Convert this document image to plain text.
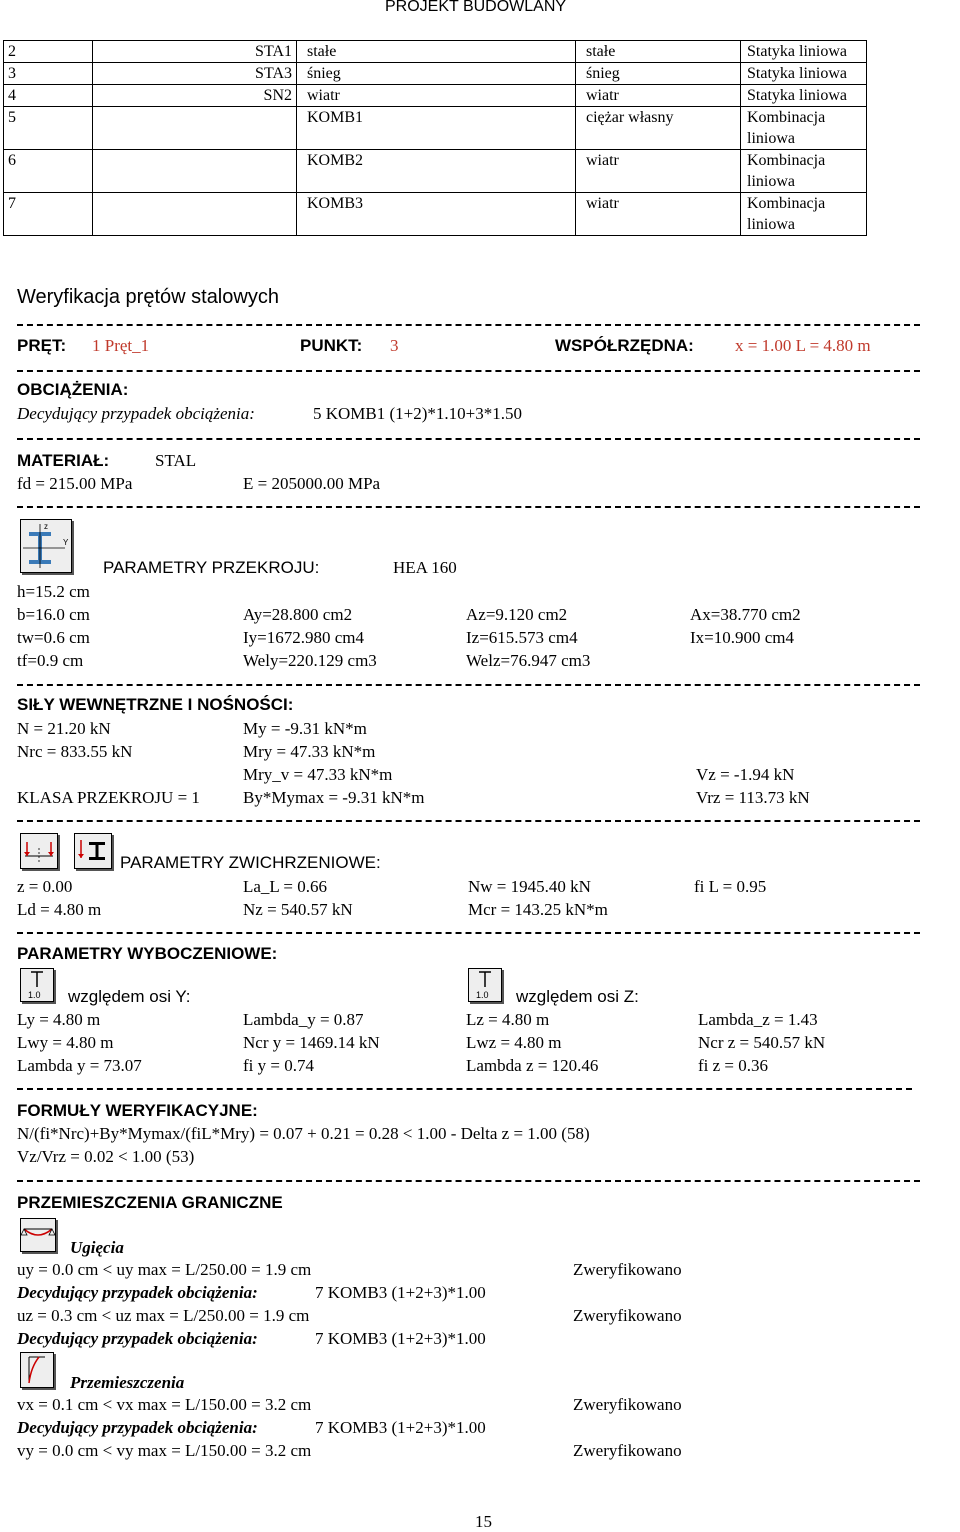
PROJEKT BUDOWLANY
2	STA1	stałe	stałe	Statyka liniowa

3	STA3	śnieg	śnieg	Statyka liniowa

4	SN2	wiatr	wiatr	Statyka liniowa

5		KOMB1	ciężar własny	Kombinacja
liniowa

6		KOMB2	wiatr	Kombinacja
liniowa

7		KOMB3	wiatr	Kombinacja
liniowa
Weryfikacja prętów stalowych
PRĘT: 1 Pręt_1	PUNKT: 3	WSPÓŁRZĘDNA: x = 1.00 L = 4.80 m
OBCIĄŻENIA:
Decydujący przypadek obciążenia:	5 KOMB1 (1+2)*1.10+3*1.50
MATERIAŁ:	STAL
fd = 215.00 MPa	E = 205000.00 MPa
z
Y
PARAMETRY PRZEKROJU:	HEA 160
h=15.2 cm
b=16.0 cm	Ay=28.800 cm2	Az=9.120 cm2	Ax=38.770 cm2
tw=0.6 cm	Iy=1672.980 cm4	Iz=615.573 cm4	Ix=10.900 cm4
tf=0.9 cm	Wely=220.129 cm3	Welz=76.947 cm3
SIŁY WEWNĘTRZNE I NOŚNOŚCI:
N = 21.20 kN	My = -9.31 kN*m
Nrc = 833.55 kN	Mry = 47.33 kN*m
Mry_v = 47.33 kN*m	Vz = -1.94 kN
KLASA PRZEKROJU = 1	By*Mymax = -9.31 kN*m	Vrz = 113.73 kN
PARAMETRY ZWICHRZENIOWE:
z = 0.00	La_L = 0.66	Nw = 1945.40 kN	fi L = 0.95
Ld = 4.80 m	Nz = 540.57 kN	Mcr = 143.25 kN*m
PARAMETRY WYBOCZENIOWE:
1.0 względem osi Y:	1.0 względem osi Z:
Ly = 4.80 m	Lambda_y = 0.87	Lz = 4.80 m	Lambda_z = 1.43
Lwy = 4.80 m	Ncr y = 1469.14 kN	Lwz = 4.80 m	Ncr z = 540.57 kN
Lambda y = 73.07	fi y = 0.74	Lambda z = 120.46	fi z = 0.36
FORMUŁY WERYFIKACYJNE:
N/(fi*Nrc)+By*Mymax/(fiL*Mry) = 0.07 + 0.21 = 0.28 < 1.00 - Delta z = 1.00 (58)
Vz/Vrz = 0.02 < 1.00 (53)
PRZEMIESZCZENIA GRANICZNE
Ugięcia
uy = 0.0 cm < uy max = L/250.00 = 1.9 cm	Zweryfikowano
Decydujący przypadek obciążenia:	7 KOMB3 (1+2+3)*1.00
uz = 0.3 cm < uz max = L/250.00 = 1.9 cm	Zweryfikowano
Decydujący przypadek obciążenia:	7 KOMB3 (1+2+3)*1.00
Przemieszczenia
vx = 0.1 cm < vx max = L/150.00 = 3.2 cm	Zweryfikowano
Decydujący przypadek obciążenia:	7 KOMB3 (1+2+3)*1.00
vy = 0.0 cm < vy max = L/150.00 = 3.2 cm	Zweryfikowano
15
